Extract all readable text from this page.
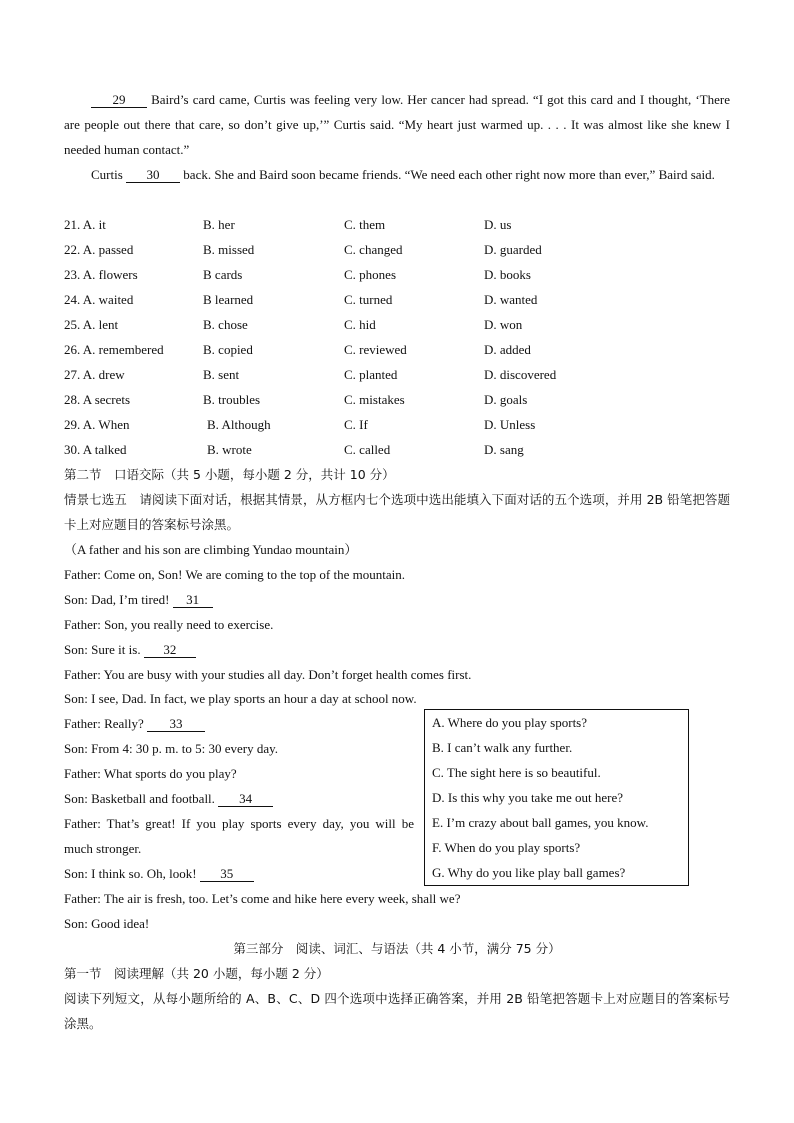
29 Baird’s card came, Curtis was feeling very low. Her cancer had spread. “I got this card and I thought, ‘There are people out there that care, so don’t give up,’” Curtis said. “My heart just warmed up. . . . It was almost like she knew I needed human contact.”
Curtis 30 back. She and Baird soon became friends. “We need each other right now more than ever,” Baird said.
21. A. it	B. her	C. them	D. us
22. A. passed	B. missed	C. changed	D. guarded
23. A. flowers	B cards	C. phones	D. books
24. A. waited	B learned	C. turned	D. wanted
25. A. lent	B. chose	C. hid	D. won
26. A. remembered	B. copied	C. reviewed	D. added
27. A. drew	B. sent	C. planted	D. discovered
28. A secrets	B. troubles	C. mistakes	D. goals
29. A. When	B. Although	C. If	D. Unless
30. A talked	B. wrote	C. called	D. sang
第二节　口语交际（共 5 小题，每小题 2 分，共计 10 分）
情景七选五　请阅读下面对话，根据其情景，从方框内七个选项中选出能填入下面对话的五个选项，并用 2B 铅笔把答题卡上对应题目的答案标号涂黑。
（A father and his son are climbing Yundao mountain）
Father: Come on, Son! We are coming to the top of the mountain.
Son: Dad, I’m tired! 31
Father: Son, you really need to exercise.
Son: Sure it is. 32
Father: You are busy with your studies all day. Don’t forget health comes first.
Son: I see, Dad. In fact, we play sports an hour a day at school now.
Father: Really? 33
Son: From 4: 30 p. m. to 5: 30 every day.
Father: What sports do you play?
Son: Basketball and football. 34
Father: That’s great! If you play sports every day, you will be much stronger.
Son: I think so. Oh, look! 35
Father: The air is fresh, too. Let’s come and hike here every week, shall we?
Son: Good idea!
A. Where do you play sports?
B. I can’t walk any further.
C. The sight here is so beautiful.
D. Is this why you take me out here?
E. I’m crazy about ball games, you know.
F. When do you play sports?
G. Why do you like play ball games?
第三部分　阅读、词汇、与语法（共 4 小节，满分 75 分）
第一节　阅读理解（共 20 小题，每小题 2 分）
阅读下列短文，从每小题所给的 A、B、C、D 四个选项中选择正确答案，并用 2B 铅笔把答题卡上对应题目的答案标号涂黑。
